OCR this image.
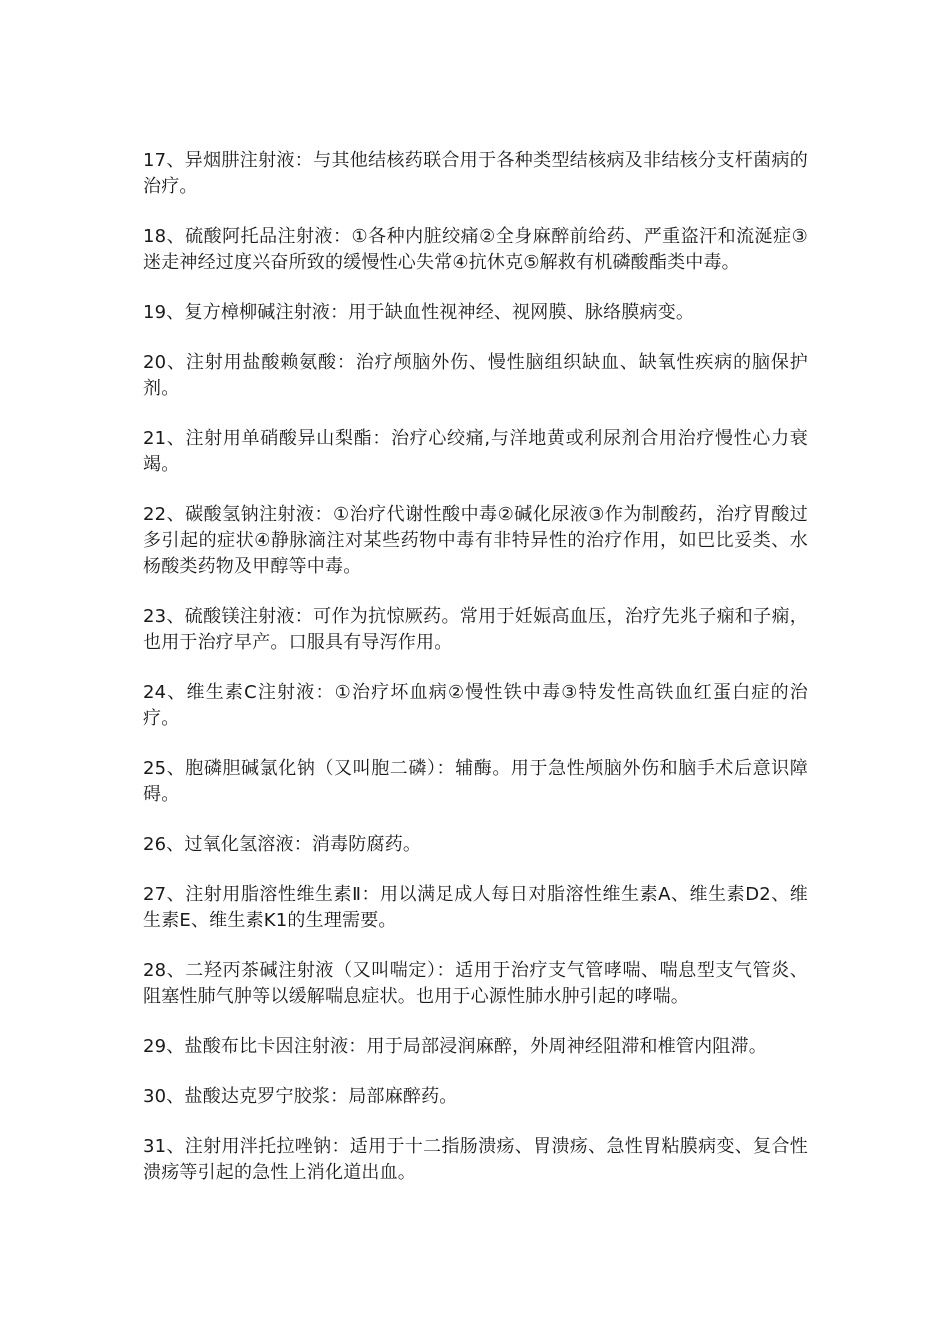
17、异烟肼注射液：与其他结核药联合用于各种类型结核病及非结核分支杆菌病的治疗。

18、硫酸阿托品注射液：①各种内脏绞痛②全身麻醉前给药、严重盗汗和流涎症③迷走神经过度兴奋所致的缓慢性心失常④抗休克⑤解救有机磷酸酯类中毒。

19、复方樟柳碱注射液：用于缺血性视神经、视网膜、脉络膜病变。

20、注射用盐酸赖氨酸：治疗颅脑外伤、慢性脑组织缺血、缺氧性疾病的脑保护剂。

21、注射用单硝酸异山梨酯：治疗心绞痛,与洋地黄或利尿剂合用治疗慢性心力衰竭。

22、碳酸氢钠注射液：①治疗代谢性酸中毒②碱化尿液③作为制酸药，治疗胃酸过多引起的症状④静脉滴注对某些药物中毒有非特异性的治疗作用，如巴比妥类、水杨酸类药物及甲醇等中毒。

23、硫酸镁注射液：可作为抗惊厥药。常用于妊娠高血压，治疗先兆子痫和子痫，也用于治疗早产。口服具有导泻作用。

24、维生素C注射液：①治疗坏血病②慢性铁中毒③特发性高铁血红蛋白症的治疗。

25、胞磷胆碱氯化钠（又叫胞二磷）：辅酶。用于急性颅脑外伤和脑手术后意识障碍。

26、过氧化氢溶液：消毒防腐药。

27、注射用脂溶性维生素Ⅱ：用以满足成人每日对脂溶性维生素A、维生素D2、维生素E、维生素K1的生理需要。

28、二羟丙茶碱注射液（又叫喘定）：适用于治疗支气管哮喘、喘息型支气管炎、阻塞性肺气肿等以缓解喘息症状。也用于心源性肺水肿引起的哮喘。

29、盐酸布比卡因注射液：用于局部浸润麻醉，外周神经阻滞和椎管内阻滞。

30、盐酸达克罗宁胶浆：局部麻醉药。

31、注射用泮托拉唑钠：适用于十二指肠溃疡、胃溃疡、急性胃粘膜病变、复合性溃疡等引起的急性上消化道出血。
